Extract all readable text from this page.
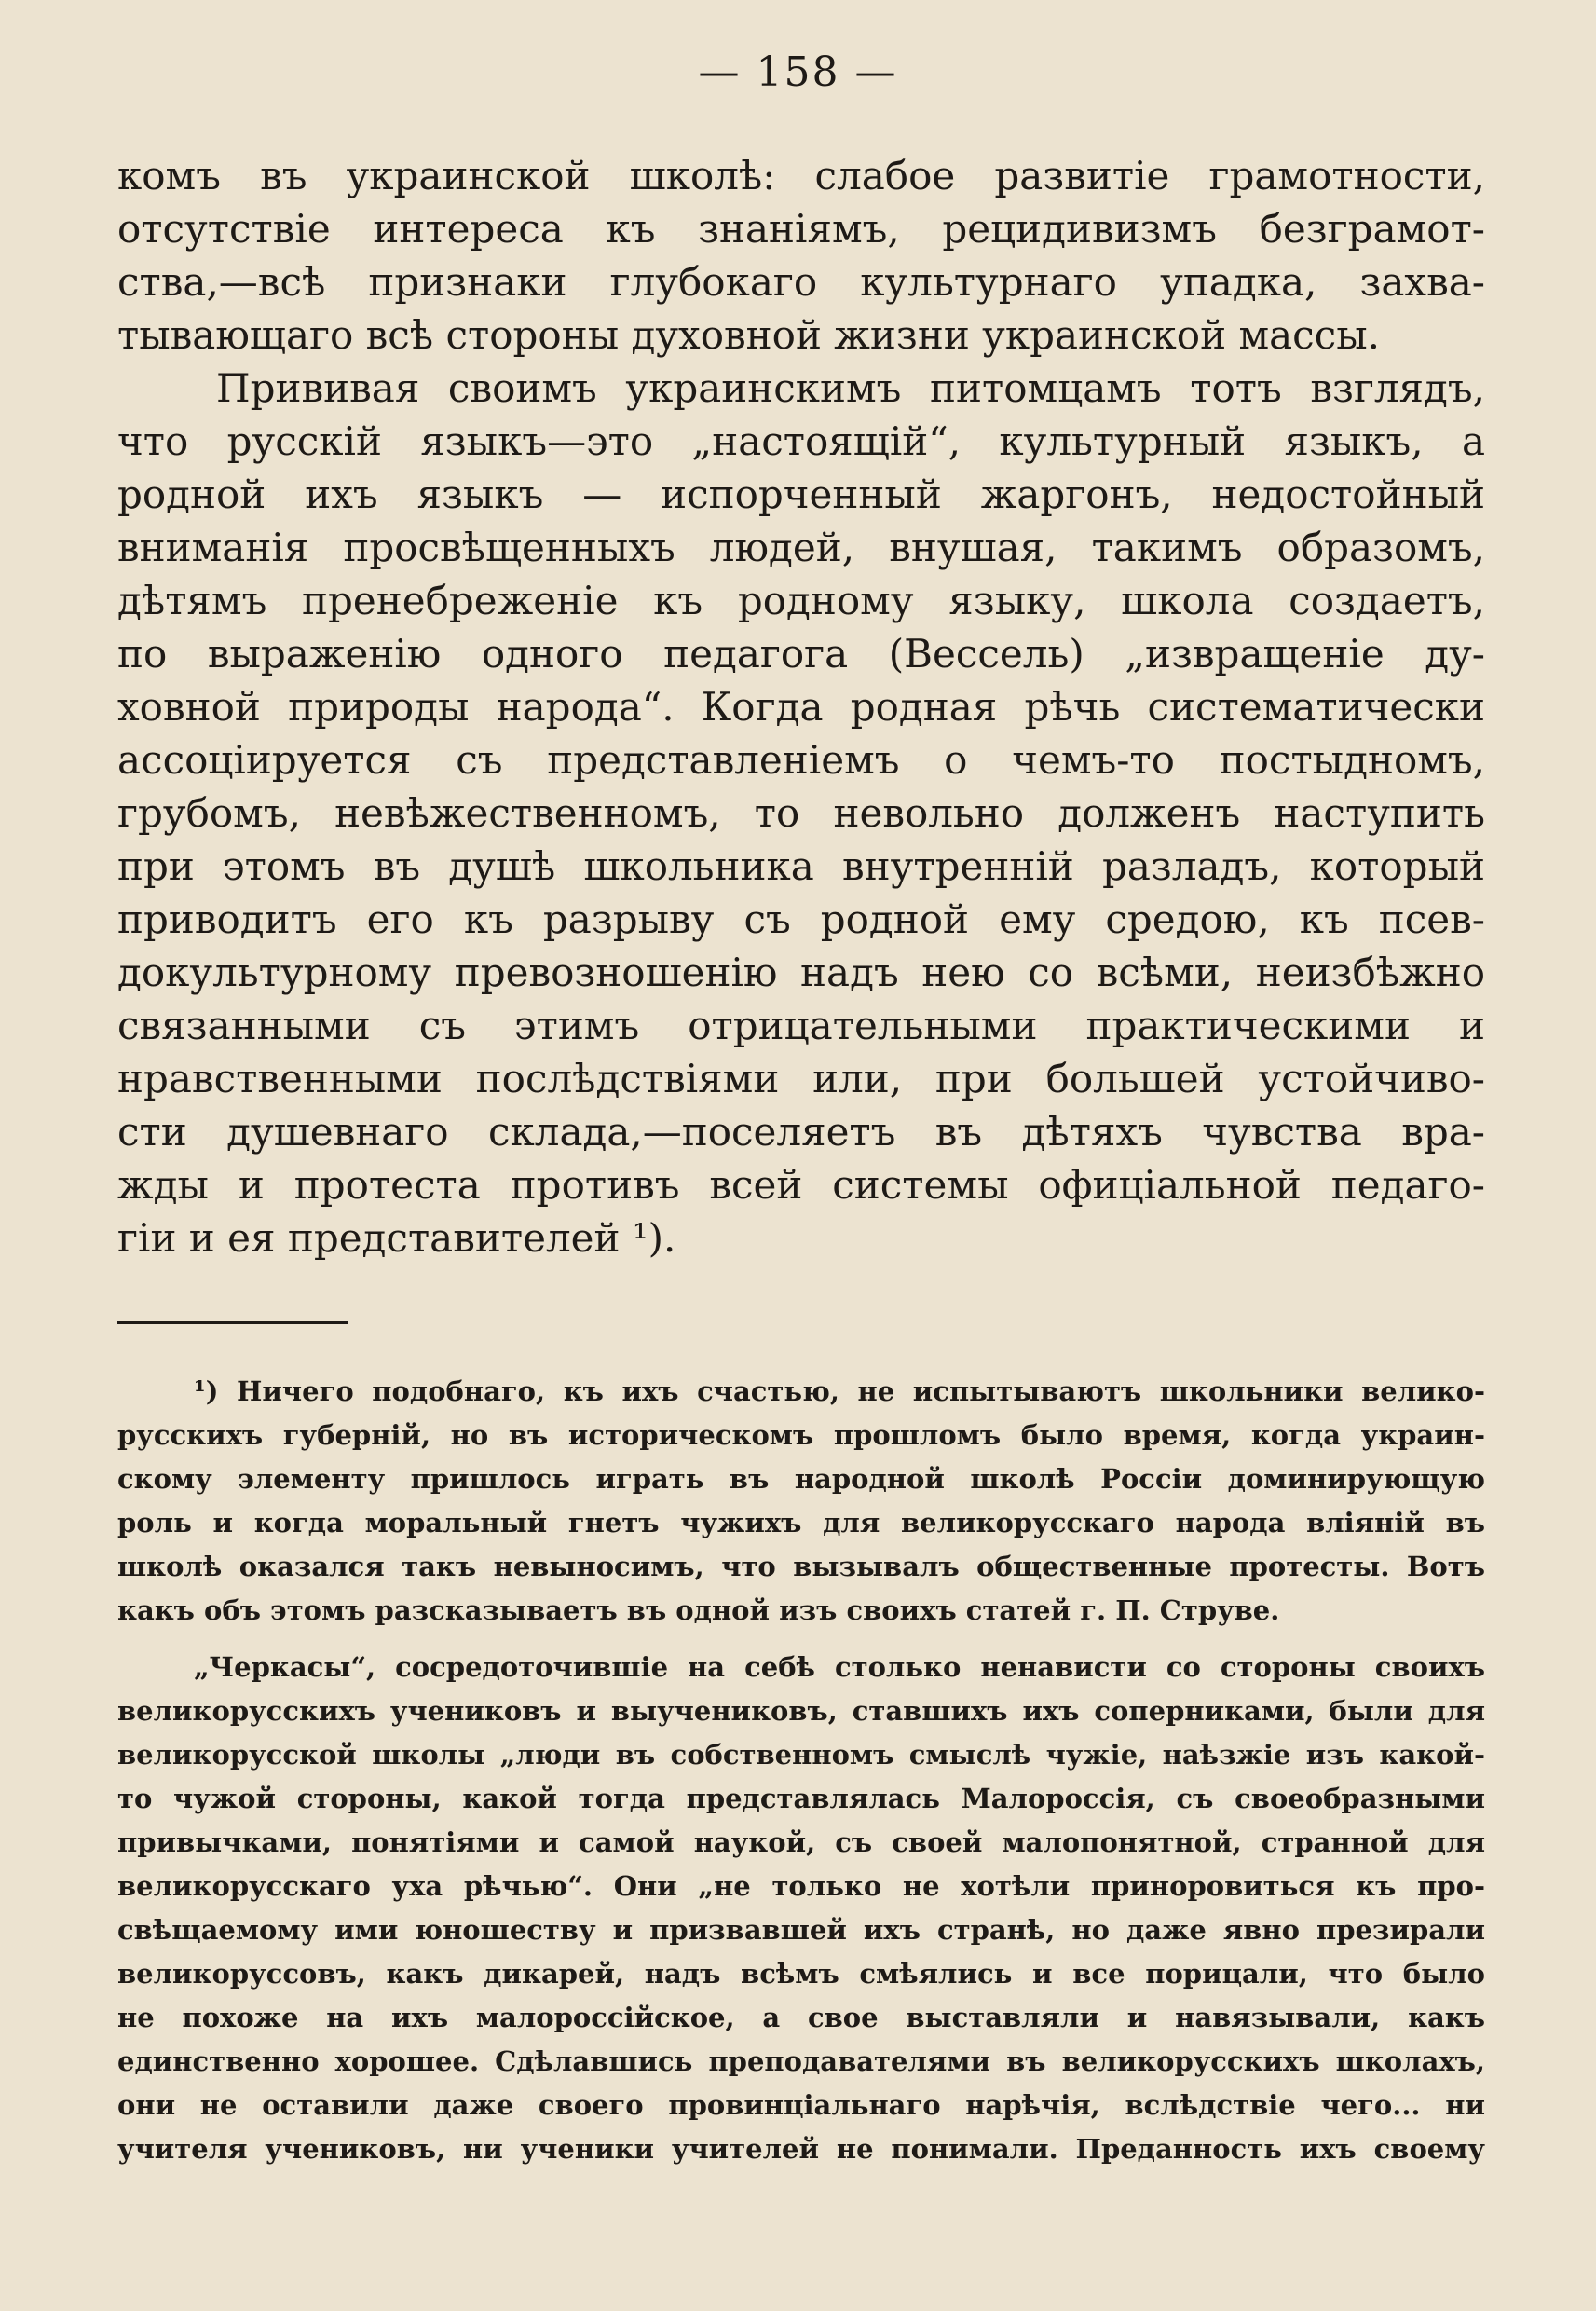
— 158 —
комъ въ украинской школѣ: слабое развитіе грамотности,
отсутствіе интереса къ знаніямъ, рецидивизмъ безграмот-
ства,—всѣ признаки глубокаго культурнаго упадка, захва-
тывающаго всѣ стороны духовной жизни украинской массы.
Прививая своимъ украинскимъ питомцамъ тотъ взглядъ,
что русскій языкъ—это „настоящій“, культурный языкъ, а
родной ихъ языкъ — испорченный жаргонъ, недостойный
вниманія просвѣщенныхъ людей, внушая, такимъ образомъ,
дѣтямъ пренебреженіе къ родному языку, школа создаетъ,
по выраженію одного педагога (Вессель) „извращеніе ду-
ховной природы народа“. Когда родная рѣчь систематически
ассоціируется съ представленіемъ о чемъ-то постыдномъ,
грубомъ, невѣжественномъ, то невольно долженъ наступить
при этомъ въ душѣ школьника внутренній разладъ, который
приводитъ его къ разрыву съ родной ему средою, къ псев-
докультурному превозношенію надъ нею со всѣми, неизбѣжно
связанными съ этимъ отрицательными практическими и
нравственными послѣдствіями или, при большей устойчиво-
сти душевнаго склада,—поселяетъ въ дѣтяхъ чувства вра-
жды и протеста противъ всей системы офиціальной педаго-
гіи и ея представителей ¹).
¹) Ничего подобнаго, къ ихъ счастью, не испытываютъ школьники велико-
русскихъ губерній, но въ историческомъ прошломъ было время, когда украин-
скому элементу пришлось играть въ народной школѣ Россіи доминирующую
роль и когда моральный гнетъ чужихъ для великорусскаго народа вліяній въ
школѣ оказался такъ невыносимъ, что вызывалъ общественные протесты. Вотъ
какъ объ этомъ разсказываетъ въ одной изъ своихъ статей г. П. Струве.
„Черкасы“, сосредоточившіе на себѣ столько ненависти со стороны своихъ
великорусскихъ учениковъ и выучениковъ, ставшихъ ихъ соперниками, были для
великорусской школы „люди въ собственномъ смыслѣ чужіе, наѣзжіе изъ какой-
то чужой стороны, какой тогда представлялась Малороссія, съ своеобразными
привычками, понятіями и самой наукой, съ своей малопонятной, странной для
великорусскаго уха рѣчью“. Они „не только не хотѣли приноровиться къ про-
свѣщаемому ими юношеству и призвавшей ихъ странѣ, но даже явно презирали
великоруссовъ, какъ дикарей, надъ всѣмъ смѣялись и все порицали, что было
не похоже на ихъ малороссійское, а свое выставляли и навязывали, какъ
единственно хорошее. Сдѣлавшись преподавателями въ великорусскихъ школахъ,
они не оставили даже своего провинціальнаго нарѣчія, вслѣдствіе чего... ни
учителя учениковъ, ни ученики учителей не понимали. Преданность ихъ своему
